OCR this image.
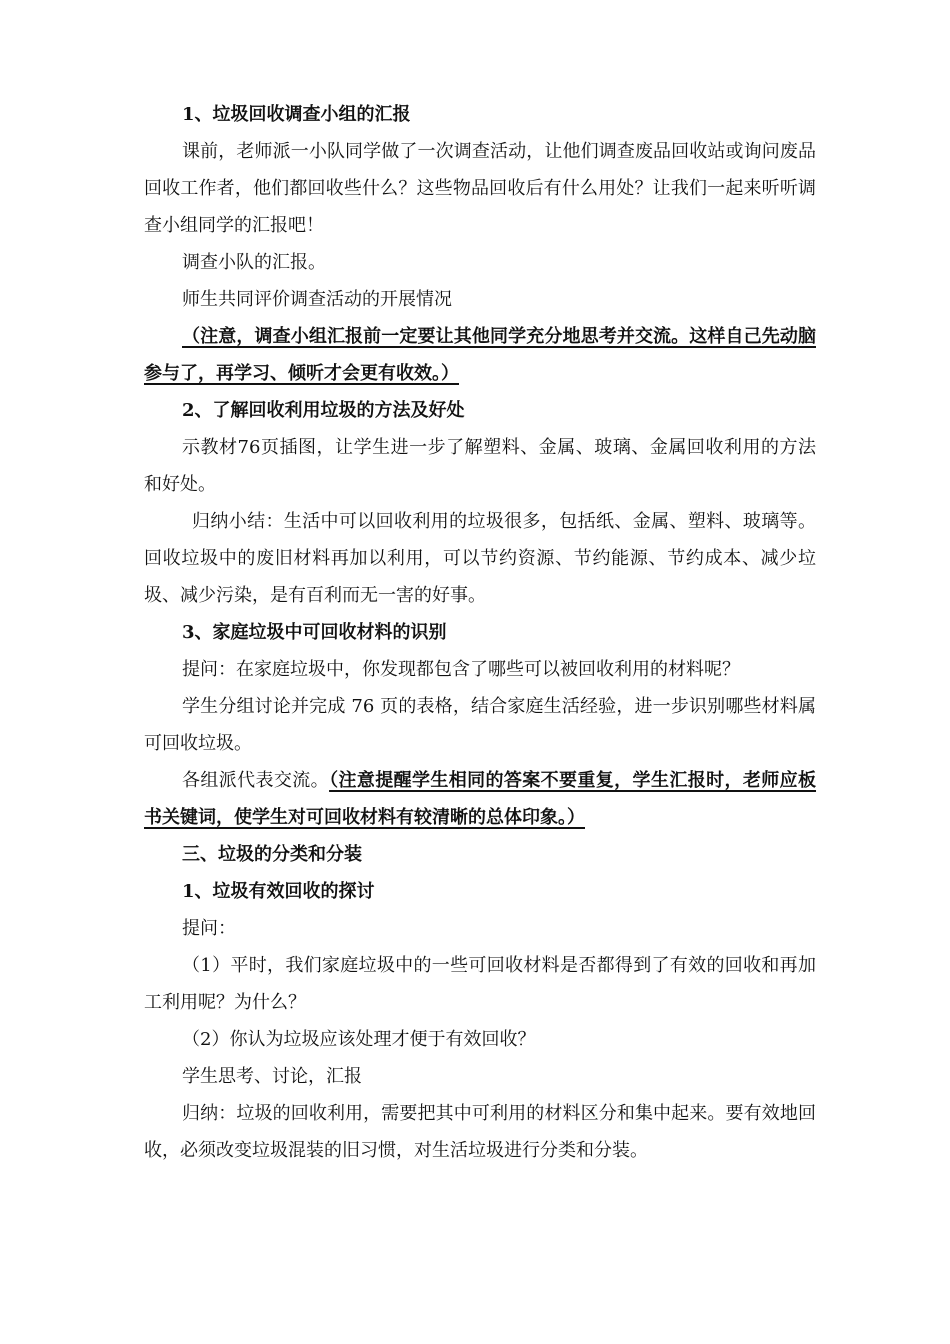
1、垃圾回收调查小组的汇报

课前，老师派一小队同学做了一次调查活动，让他们调查废品回收站或询问废品回收工作者，他们都回收些什么？这些物品回收后有什么用处？让我们一起来听听调查小组同学的汇报吧！

调查小队的汇报。

师生共同评价调查活动的开展情况

（注意，调查小组汇报前一定要让其他同学充分地思考并交流。这样自己先动脑参与了，再学习、倾听才会更有收效。）

2、了解回收利用垃圾的方法及好处

示教材76页插图，让学生进一步了解塑料、金属、玻璃、金属回收利用的方法和好处。

归纳小结：生活中可以回收利用的垃圾很多，包括纸、金属、塑料、玻璃等。回收垃圾中的废旧材料再加以利用，可以节约资源、节约能源、节约成本、减少垃圾、减少污染，是有百利而无一害的好事。

3、家庭垃圾中可回收材料的识别

提问：在家庭垃圾中，你发现都包含了哪些可以被回收利用的材料呢？

学生分组讨论并完成 76 页的表格，结合家庭生活经验，进一步识别哪些材料属可回收垃圾。

各组派代表交流。（注意提醒学生相同的答案不要重复，学生汇报时，老师应板书关键词，使学生对可回收材料有较清晰的总体印象。）

三、垃圾的分类和分装

1、垃圾有效回收的探讨

提问：

（1）平时，我们家庭垃圾中的一些可回收材料是否都得到了有效的回收和再加工利用呢？为什么？

（2）你认为垃圾应该处理才便于有效回收？

学生思考、讨论，汇报

归纳：垃圾的回收利用，需要把其中可利用的材料区分和集中起来。要有效地回收，必须改变垃圾混装的旧习惯，对生活垃圾进行分类和分装。
